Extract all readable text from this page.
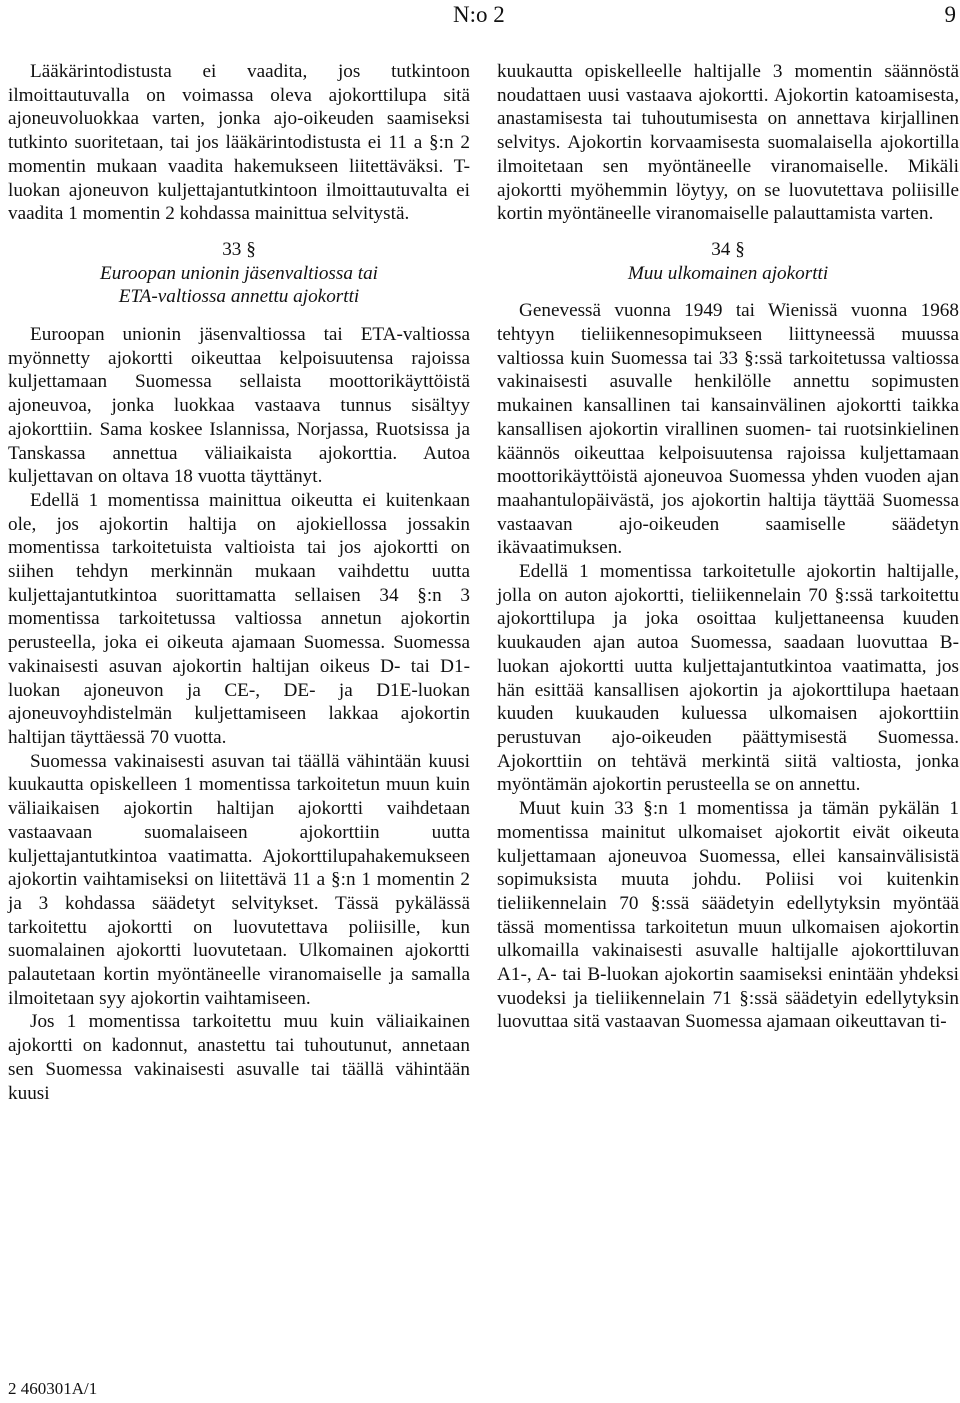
N:o 2	9

Lääkärintodistusta ei vaadita, jos tutkintoon ilmoittautuvalla on voimassa oleva ajokorttilupa sitä ajoneuvoluokkaa varten, jonka ajo-oikeuden saamiseksi tutkinto suoritetaan, tai jos lääkärintodistusta ei 11 a §:n 2 momentin mukaan vaadita hakemukseen liitettäväksi. T-luokan ajoneuvon kuljettajantutkintoon ilmoittautuvalta ei vaadita 1 momentin 2 kohdassa mainittua selvitystä.

33 §
Euroopan unionin jäsenvaltiossa tai
ETA-valtiossa annettu ajokortti

Euroopan unionin jäsenvaltiossa tai ETA-valtiossa myönnetty ajokortti oikeuttaa kelpoisuutensa rajoissa kuljettamaan Suomessa sellaista moottorikäyttöistä ajoneuvoa, jonka luokkaa vastaava tunnus sisältyy ajokorttiin. Sama koskee Islannissa, Norjassa, Ruotsissa ja Tanskassa annettua väliaikaista ajokorttia. Autoa kuljettavan on oltava 18 vuotta täyttänyt.

Edellä 1 momentissa mainittua oikeutta ei kuitenkaan ole, jos ajokortin haltija on ajokiellossa jossakin momentissa tarkoitetuista valtioista tai jos ajokortti on siihen tehdyn merkinnän mukaan vaihdettu uutta kuljettajantutkintoa suorittamatta sellaisen 34 §:n 3 momentissa tarkoitetussa valtiossa annetun ajokortin perusteella, joka ei oikeuta ajamaan Suomessa. Suomessa vakinaisesti asuvan ajokortin haltijan oikeus D- tai D1-luokan ajoneuvon ja CE-, DE- ja D1E-luokan ajoneuvoyhdistelmän kuljettamiseen lakkaa ajokortin haltijan täyttäessä 70 vuotta.

Suomessa vakinaisesti asuvan tai täällä vähintään kuusi kuukautta opiskelleen 1 momentissa tarkoitetun muun kuin väliaikaisen ajokortin haltijan ajokortti vaihdetaan vastaavaan suomalaiseen ajokorttiin uutta kuljettajantutkintoa vaatimatta. Ajokorttilupahakemukseen ajokortin vaihtamiseksi on liitettävä 11 a §:n 1 momentin 2 ja 3 kohdassa säädetyt selvitykset. Tässä pykälässä tarkoitettu ajokortti on luovutettava poliisille, kun suomalainen ajokortti luovutetaan. Ulkomainen ajokortti palautetaan kortin myöntäneelle viranomaiselle ja samalla ilmoitetaan syy ajokortin vaihtamiseen.

Jos 1 momentissa tarkoitettu muu kuin väliaikainen ajokortti on kadonnut, anastettu tai tuhoutunut, annetaan sen Suomessa vakinaisesti asuvalle tai täällä vähintään kuusi

kuukautta opiskelleelle haltijalle 3 momentin säännöstä noudattaen uusi vastaava ajokortti. Ajokortin katoamisesta, anastamisesta tai tuhoutumisesta on annettava kirjallinen selvitys. Ajokortin korvaamisesta suomalaisella ajokortilla ilmoitetaan sen myöntäneelle viranomaiselle. Mikäli ajokortti myöhemmin löytyy, on se luovutettava poliisille kortin myöntäneelle viranomaiselle palauttamista varten.

34 §
Muu ulkomainen ajokortti

Genevessä vuonna 1949 tai Wienissä vuonna 1968 tehtyyn tieliikennesopimukseen liittyneessä muussa valtiossa kuin Suomessa tai 33 §:ssä tarkoitetussa valtiossa vakinaisesti asuvalle henkilölle annettu sopimusten mukainen kansallinen tai kansainvälinen ajokortti taikka kansallisen ajokortin virallinen suomen- tai ruotsinkielinen käännös oikeuttaa kelpoisuutensa rajoissa kuljettamaan moottorikäyttöistä ajoneuvoa Suomessa yhden vuoden ajan maahantulopäivästä, jos ajokortin haltija täyttää Suomessa vastaavan ajo-oikeuden saamiselle säädetyn ikävaatimuksen.

Edellä 1 momentissa tarkoitetulle ajokortin haltijalle, jolla on auton ajokortti, tieliikennelain 70 §:ssä tarkoitettu ajokorttilupa ja joka osoittaa kuljettaneensa kuuden kuukauden ajan autoa Suomessa, saadaan luovuttaa B-luokan ajokortti uutta kuljettajantutkintoa vaatimatta, jos hän esittää kansallisen ajokortin ja ajokorttilupa haetaan kuuden kuukauden kuluessa ulkomaisen ajokorttiin perustuvan ajo-oikeuden päättymisestä Suomessa. Ajokorttiin on tehtävä merkintä siitä valtiosta, jonka myöntämän ajokortin perusteella se on annettu.

Muut kuin 33 §:n 1 momentissa ja tämän pykälän 1 momentissa mainitut ulkomaiset ajokortit eivät oikeuta kuljettamaan ajoneuvoa Suomessa, ellei kansainvälisistä sopimuksista muuta johdu. Poliisi voi kuitenkin tieliikennelain 70 §:ssä säädetyin edellytyksin myöntää tässä momentissa tarkoitetun muun ulkomaisen ajokortin ulkomailla vakinaisesti asuvalle haltijalle ajokorttiluvan A1-, A- tai B-luokan ajokortin saamiseksi enintään yhdeksi vuodeksi ja tieliikennelain 71 §:ssä säädetyin edellytyksin luovuttaa sitä vastaavan Suomessa ajamaan oikeuttavan ti-

2 460301A/1
